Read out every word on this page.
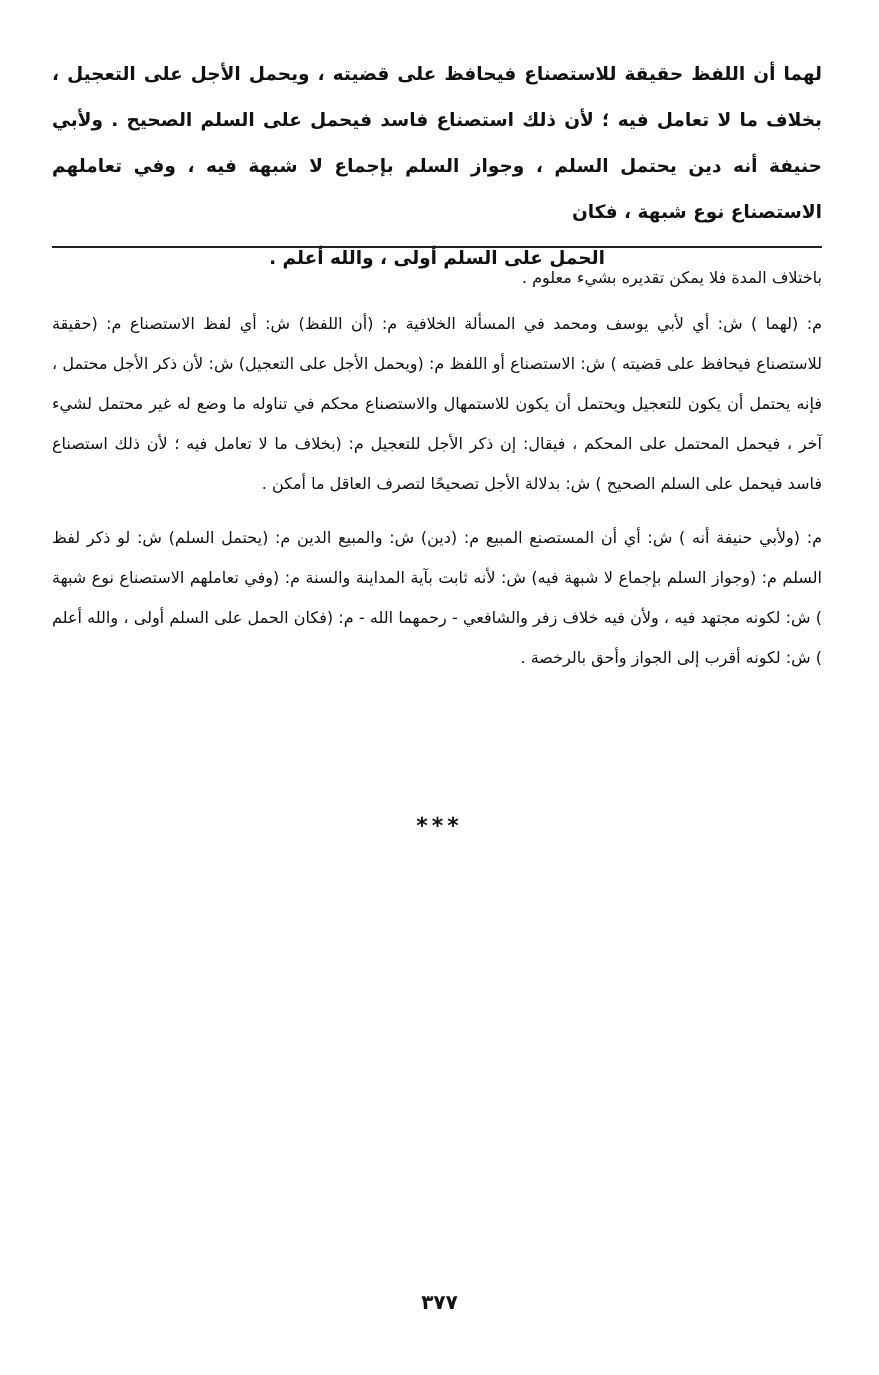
لهما أن اللفظ حقيقة للاستصناع فيحافظ على قضيته ، ويحمل الأجل على التعجيل ، بخلاف ما لا تعامل فيه ؛ لأن ذلك استصناع فاسد فيحمل على السلم الصحيح . ولأبي حنيفة أنه دين يحتمل السلم ، وجواز السلم بإجماع لا شبهة فيه ، وفي تعاملهم الاستصناع نوع شبهة ، فكان
الحمل على السلم أولى ، والله أعلم .

باختلاف المدة فلا يمكن تقديره بشيء معلوم .

م: (لهما ) ش: أي لأبي يوسف ومحمد في المسألة الخلافية م: (أن اللفظ) ش: أي لفظ الاستصناع م: (حقيقة للاستصناع فيحافظ على قضيته ) ش: الاستصناع أو اللفظ م: (ويحمل الأجل على التعجيل) ش: لأن ذكر الأجل محتمل ، فإنه يحتمل أن يكون للتعجيل ويحتمل أن يكون للاستمهال والاستصناع محكم في تناوله ما وضع له غير محتمل لشيء آخر ، فيحمل المحتمل على المحكم ، فيقال: إن ذكر الأجل للتعجيل م: (بخلاف ما لا تعامل فيه ؛ لأن ذلك استصناع فاسد فيحمل على السلم الصحيح ) ش: بدلالة الأجل تصحيحًا لتصرف العاقل ما أمكن .

م: (ولأبي حنيفة أنه ) ش: أي أن المستصنع المبيع م: (دين) ش: والمبيع الدين م: (يحتمل السلم) ش: لو ذكر لفظ السلم م: (وجواز السلم بإجماع لا شبهة فيه) ش: لأنه ثابت بآية المداينة والسنة م: (وفي تعاملهم الاستصناع نوع شبهة ) ش: لكونه مجتهد فيه ، ولأن فيه خلاف زفر والشافعي - رحمهما الله - م: (فكان الحمل على السلم أولى ، والله أعلم ) ش: لكونه أقرب إلى الجواز وأحق بالرخصة .

***
٣٧٧
